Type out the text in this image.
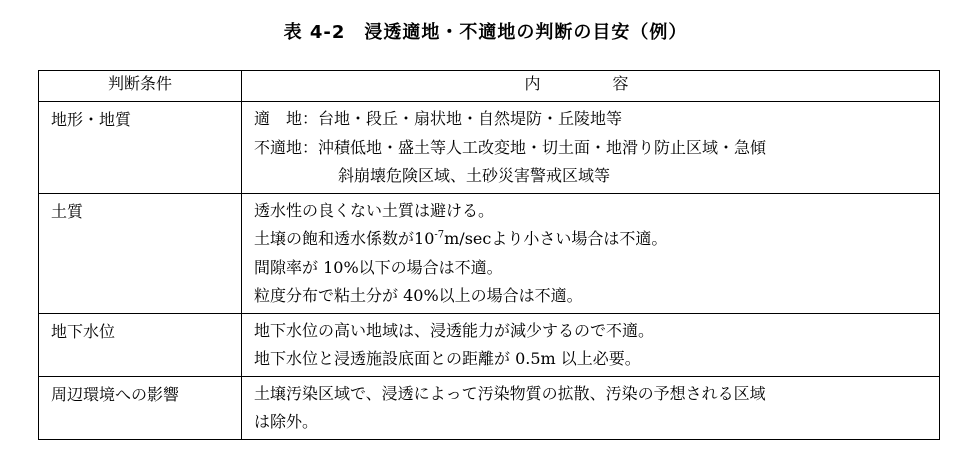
表 4-2　浸透適地・不適地の判断の目安（例）
判断条件	内　容
地形・地質	適　地：台地・段丘・扇状地・自然堤防・丘陵地等
不適地：沖積低地・盛土等人工改変地・切土面・地滑り防止区域・急傾
斜崩壊危険区域、土砂災害警戒区域等

土質	透水性の良くない土質は避ける。
土壌の飽和透水係数が$10^{-7}m/\sec$より小さい場合は不適。
間隙率が 10%以下の場合は不適。
粒度分布で粘土分が 40%以上の場合は不適。

地下水位	地下水位の高い地域は、浸透能力が減少するので不適。
地下水位と浸透施設底面との距離が 0.5m 以上必要。

周辺環境への影響	土壌汚染区域で、浸透によって汚染物質の拡散、汚染の予想される区域
は除外。
